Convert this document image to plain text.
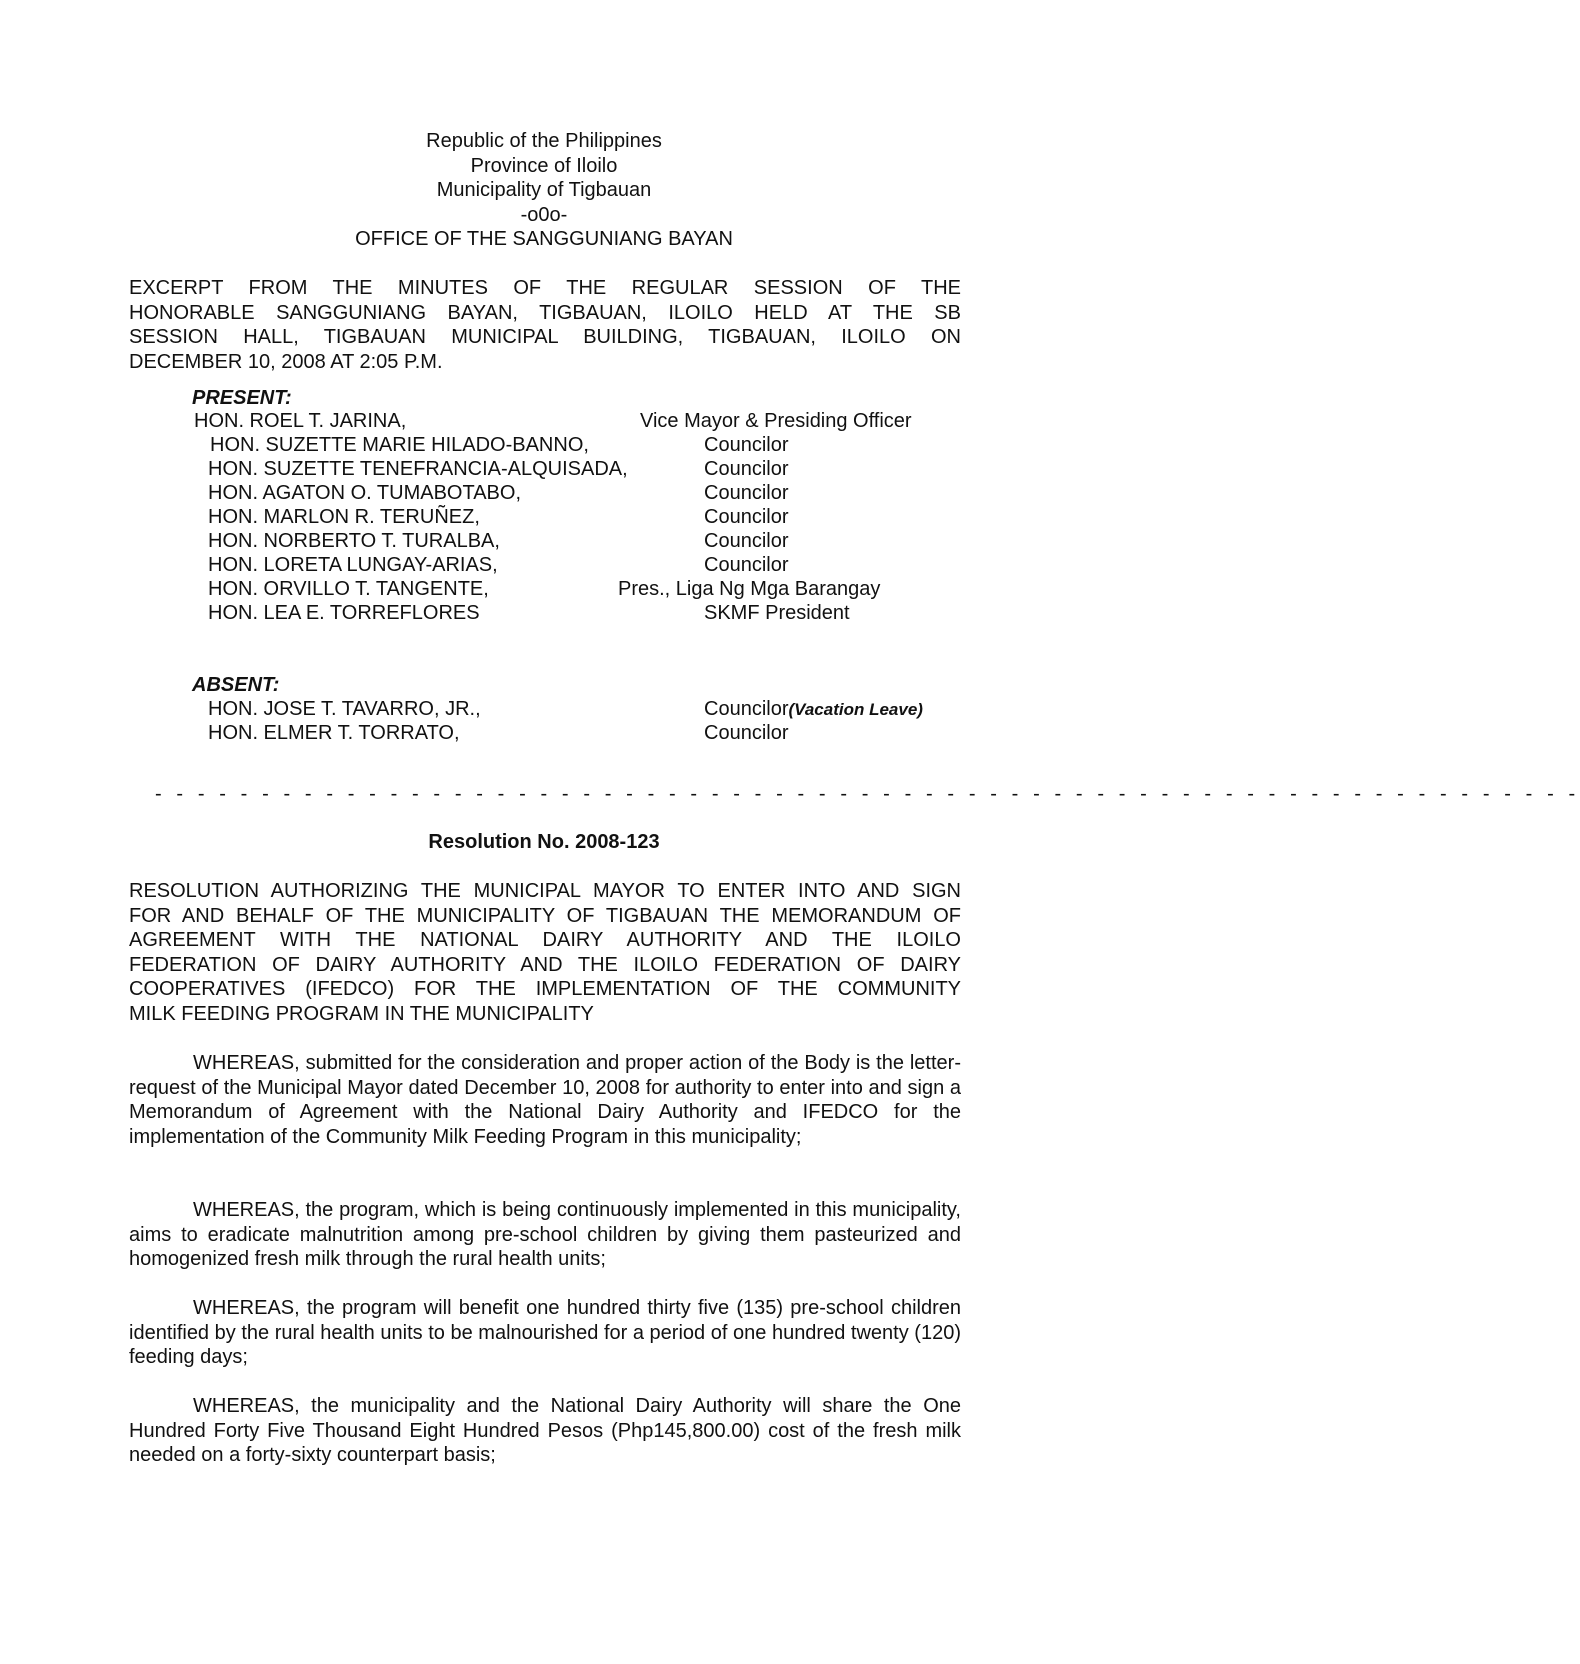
Republic of the Philippines
Province of Iloilo
Municipality of Tigbauan
-o0o-
OFFICE OF THE SANGGUNIANG BAYAN
EXCERPT FROM THE MINUTES OF THE REGULAR SESSION OF THE
HONORABLE SANGGUNIANG BAYAN, TIGBAUAN, ILOILO HELD AT THE SB
SESSION HALL, TIGBAUAN MUNICIPAL BUILDING, TIGBAUAN, ILOILO ON
DECEMBER 10, 2008 AT 2:05 P.M.
PRESENT:
HON. ROEL T. JARINA,	Vice Mayor & Presiding Officer
HON. SUZETTE MARIE HILADO-BANNO,	Councilor
HON. SUZETTE TENEFRANCIA-ALQUISADA,	Councilor
HON. AGATON O. TUMABOTABO,	Councilor
HON. MARLON R. TERUÑEZ,	Councilor
HON. NORBERTO T. TURALBA,	Councilor
HON. LORETA LUNGAY-ARIAS,	Councilor
HON. ORVILLO T. TANGENTE,	Pres., Liga Ng Mga Barangay
HON. LEA E. TORREFLORES	SKMF President
ABSENT:
HON. JOSE T. TAVARRO, JR.,	Councilor(Vacation Leave)
HON. ELMER T. TORRATO,	Councilor
- - - - - - - - - - - - - - - - - - - - - - - - - - - - - - - - - - - - - - - - - - - - - - - - - - - - - - - - - - - - - - - - - - -
Resolution No. 2008-123
RESOLUTION AUTHORIZING THE MUNICIPAL MAYOR TO ENTER INTO AND SIGN
FOR AND BEHALF OF THE MUNICIPALITY OF TIGBAUAN THE MEMORANDUM OF
AGREEMENT WITH THE NATIONAL DAIRY AUTHORITY AND THE ILOILO
FEDERATION OF DAIRY AUTHORITY AND THE ILOILO FEDERATION OF DAIRY
COOPERATIVES (IFEDCO) FOR THE IMPLEMENTATION OF THE COMMUNITY
MILK FEEDING PROGRAM IN THE MUNICIPALITY
WHEREAS, submitted for the consideration and proper action of the Body is the letter-request of the Municipal Mayor dated December 10, 2008 for authority to enter into and sign a Memorandum of Agreement with the National Dairy Authority and IFEDCO for the implementation of the Community Milk Feeding Program in this municipality;
WHEREAS, the program, which is being continuously implemented in this municipality, aims to eradicate malnutrition among pre-school children by giving them pasteurized and homogenized fresh milk through the rural health units;
WHEREAS, the program will benefit one hundred thirty five (135) pre-school children identified by the rural health units to be malnourished for a period of one hundred twenty (120) feeding days;
WHEREAS, the municipality and the National Dairy Authority will share the One Hundred Forty Five Thousand Eight Hundred Pesos (Php145,800.00) cost of the fresh milk needed on a forty-sixty counterpart basis;
